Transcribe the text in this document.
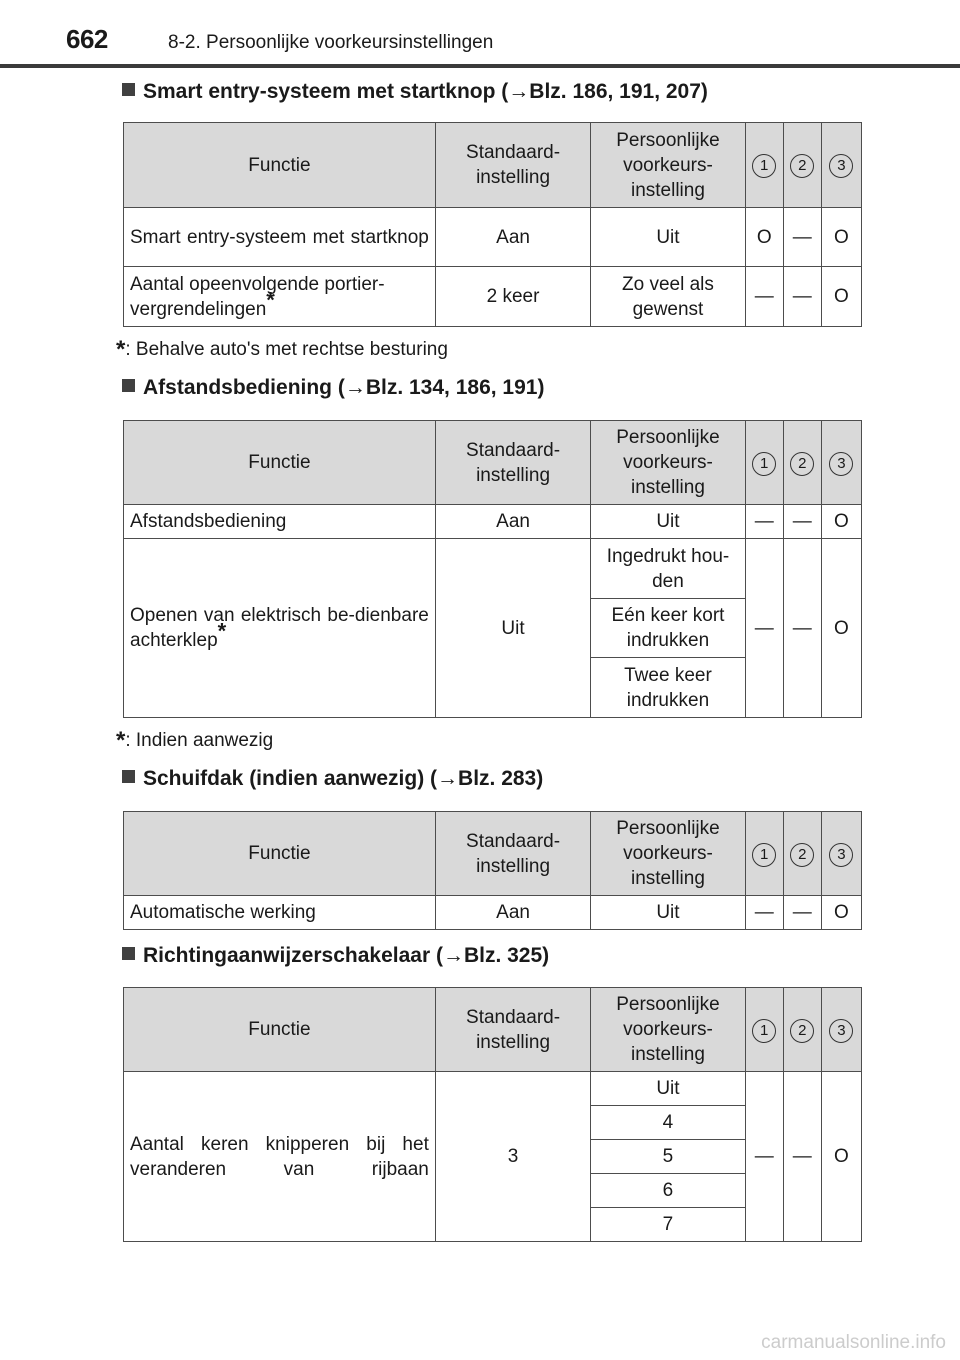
662	8-2. Persoonlijke voorkeursinstellingen
Smart entry-systeem met startknop (→Blz. 186, 191, 207)
Functie	Standaard-instelling	Persoonlijke voorkeurs-instelling	1	2	3
Smart entry-systeem met startknop	Aan	Uit	O	—	O
Aantal opeenvolgende portier-vergrendelingen*	2 keer	Zo veel als gewenst	—	—	O
*: Behalve auto's met rechtse besturing
Afstandsbediening (→Blz. 134, 186, 191)
Functie	Standaard-instelling	Persoonlijke voorkeurs-instelling	1	2	3
Afstandsbediening	Aan	Uit	—	—	O
Openen van elektrisch be-dienbare achterklep*	Uit	Ingedrukt hou-den	—	—	O
		Eén keer kort indrukken			
		Twee keer indrukken			
*: Indien aanwezig
Schuifdak (indien aanwezig) (→Blz. 283)
Functie	Standaard-instelling	Persoonlijke voorkeurs-instelling	1	2	3
Automatische werking	Aan	Uit	—	—	O
Richtingaanwijzerschakelaar (→Blz. 325)
Functie	Standaard-instelling	Persoonlijke voorkeurs-instelling	1	2	3
Aantal keren knipperen bij het veranderen van rijbaan	3	Uit	—	—	O
		4			
		5			
		6			
		7			
carmanualsonline.info
